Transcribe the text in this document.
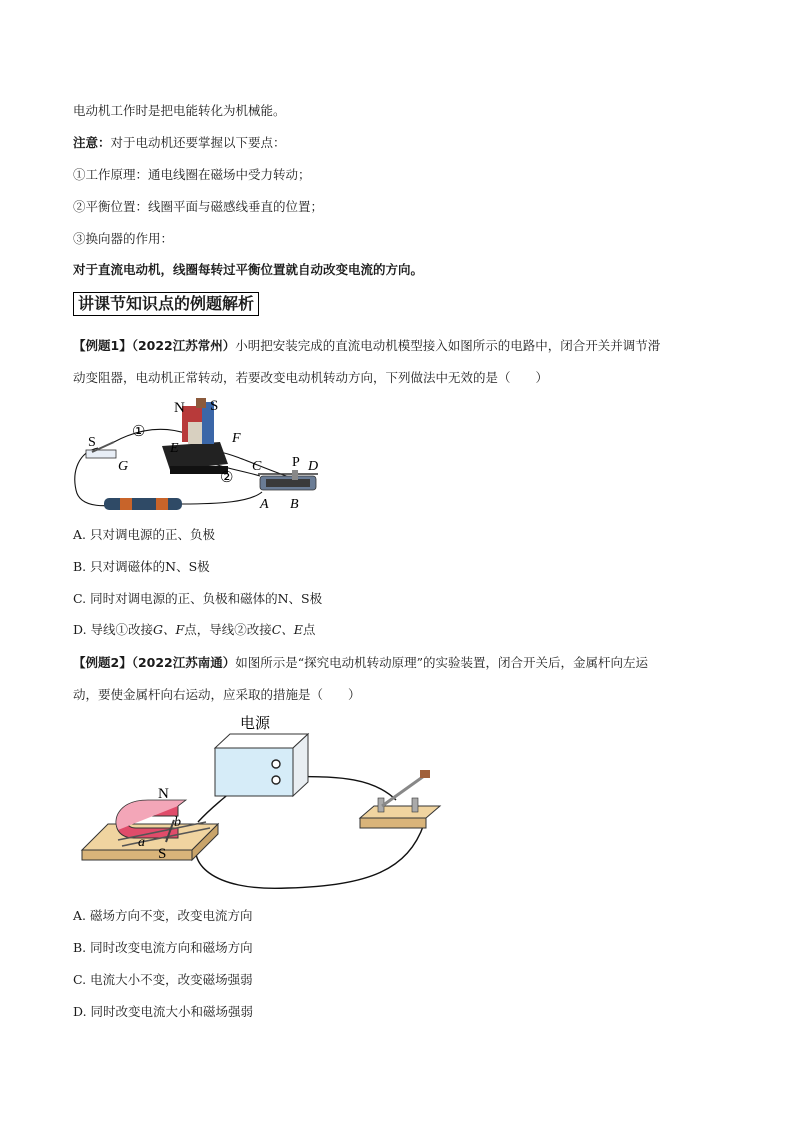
电动机工作时是把电能转化为机械能。
注意：对于电动机还要掌握以下要点：
①工作原理：通电线圈在磁场中受力转动；
②平衡位置：线圈平面与磁感线垂直的位置；
③换向器的作用：
对于直流电动机，线圈每转过平衡位置就自动改变电流的方向。
讲课节知识点的例题解析
【例题1】（2022江苏常州）小明把安装完成的直流电动机模型接入如图所示的电路中，闭合开关并调节滑
动变阻器，电动机正常转动，若要改变电动机转动方向，下列做法中无效的是（　　）
N S
E
F
S
G
①
②
C P D
A B
A. 只对调电源的正、负极
B. 只对调磁体的N、S极
C. 同时对调电源的正、负极和磁体的N、S极
D. 导线①改接G、F点，导线②改接C、E点
【例题2】（2022江苏南通）如图所示是“探究电动机转动原理”的实验装置，闭合开关后，金属杆向左运
动，要使金属杆向右运动，应采取的措施是（　　）
电源
N
S
a
b
A. 磁场方向不变，改变电流方向
B. 同时改变电流方向和磁场方向
C. 电流大小不变，改变磁场强弱
D. 同时改变电流大小和磁场强弱
